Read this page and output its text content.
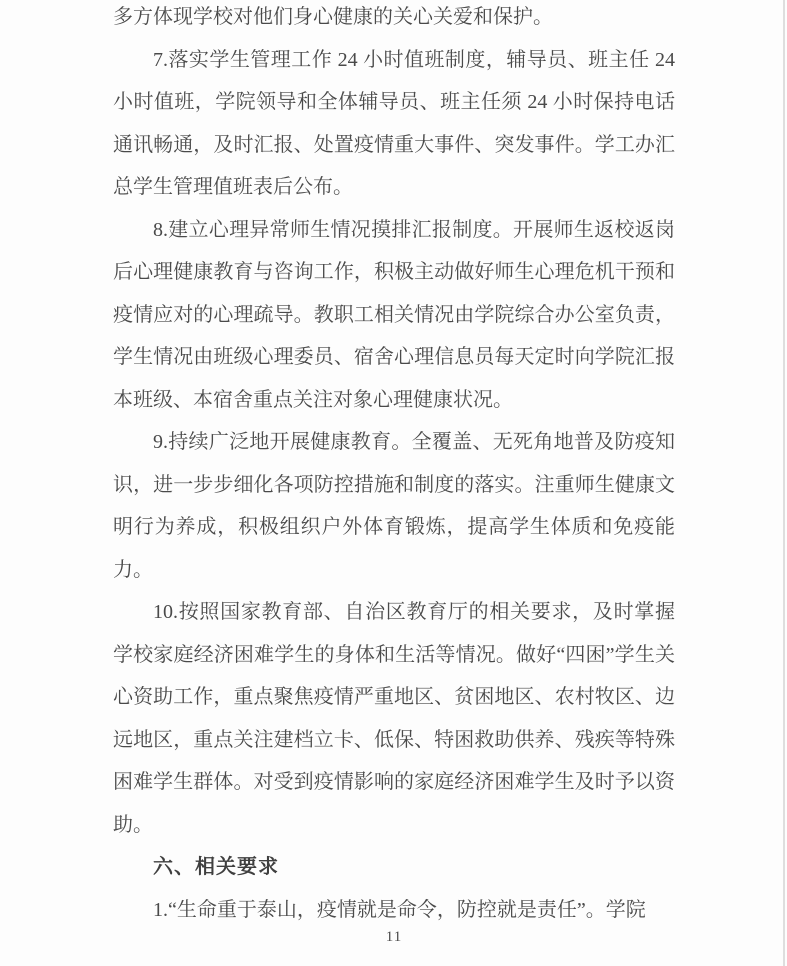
多方体现学校对他们身心健康的关心关爱和保护。

7.落实学生管理工作 24 小时值班制度，辅导员、班主任 24 小时值班，学院领导和全体辅导员、班主任须 24 小时保持电话通讯畅通，及时汇报、处置疫情重大事件、突发事件。学工办汇总学生管理值班表后公布。

8.建立心理异常师生情况摸排汇报制度。开展师生返校返岗后心理健康教育与咨询工作，积极主动做好师生心理危机干预和疫情应对的心理疏导。教职工相关情况由学院综合办公室负责，学生情况由班级心理委员、宿舍心理信息员每天定时向学院汇报本班级、本宿舍重点关注对象心理健康状况。

9.持续广泛地开展健康教育。全覆盖、无死角地普及防疫知识，进一步步细化各项防控措施和制度的落实。注重师生健康文明行为养成，积极组织户外体育锻炼，提高学生体质和免疫能力。

10.按照国家教育部、自治区教育厅的相关要求，及时掌握学校家庭经济困难学生的身体和生活等情况。做好“四困”学生关心资助工作，重点聚焦疫情严重地区、贫困地区、农村牧区、边远地区，重点关注建档立卡、低保、特困救助供养、残疾等特殊困难学生群体。对受到疫情影响的家庭经济困难学生及时予以资助。

六、相关要求

1.“生命重于泰山，疫情就是命令，防控就是责任”。学院

11
